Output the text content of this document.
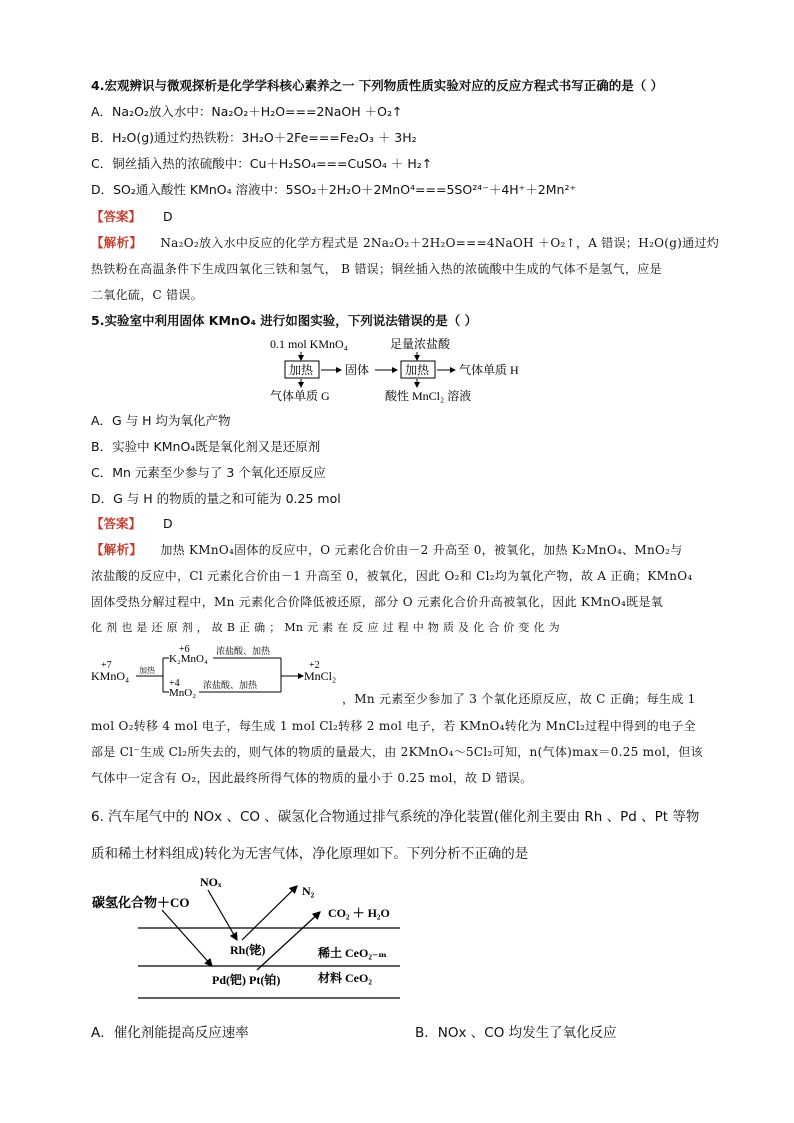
4.宏观辨识与微观探析是化学学科核心素养之一 下列物质性质实验对应的反应方程式书写正确的是（ ）
A．Na₂O₂放入水中：Na₂O₂＋H₂O===2NaOH ＋O₂↑
B．H₂O(g)通过灼热铁粉：3H₂O＋2Fe===Fe₂O₃ ＋ 3H₂
C．铜丝插入热的浓硫酸中：Cu＋H₂SO₄===CuSO₄ ＋ H₂↑
D．SO₂通入酸性 KMnO₄ 溶液中：5SO₂＋2H₂O＋2MnO⁴===5SO²⁴⁻＋4H⁺＋2Mn²⁺
【答案】 D
【解析】 Na₂O₂放入水中反应的化学方程式是 2Na₂O₂＋2H₂O===4NaOH ＋O₂↑，A 错误；H₂O(g)通过灼
热铁粉在高温条件下生成四氧化三铁和氢气， B 错误；铜丝插入热的浓硫酸中生成的气体不是氢气，应是
二氧化硫，C 错误。
5.实验室中利用固体 KMnO₄ 进行如图实验，下列说法错误的是（ ）
0.1 mol KMnO₄	足量浓盐酸
加热	固体	加热 气体单质 H
气体单质 G	酸性 MnCl₂ 溶液
A．G 与 H 均为氧化产物
B．实验中 KMnO₄既是氧化剂又是还原剂
C．Mn 元素至少参与了 3 个氧化还原反应
D．G 与 H 的物质的量之和可能为 0.25 mol
【答案】 D
【解析】 加热 KMnO₄固体的反应中，O 元素化合价由－2 升高至 0，被氧化，加热 K₂MnO₄、MnO₂与
浓盐酸的反应中，Cl 元素化合价由－1 升高至 0，被氧化，因此 O₂和 Cl₂均为氧化产物，故 A 正确；KMnO₄
固体受热分解过程中，Mn 元素化合价降低被还原，部分 O 元素化合价升高被氧化，因此 KMnO₄既是氧
化 剂 也 是 还 原 剂 ， 故 B 正 确 ； Mn 元 素 在 反 应 过 程 中 物 质 及 化 合 价 变 化 为
+7
KMnO₄ 加热
+6
K₂MnO₄
+4
MnO₂
浓盐酸、加热
浓盐酸、加热
+2
MnCl₂
，Mn 元素至少参加了 3 个氧化还原反应，故 C 正确；每生成 1
mol O₂转移 4 mol 电子，每生成 1 mol Cl₂转移 2 mol 电子，若 KMnO₄转化为 MnCl₂过程中得到的电子全
部是 Cl⁻生成 Cl₂所失去的，则气体的物质的量最大，由 2KMnO₄～5Cl₂可知，n(气体)max＝0.25 mol，但该
气体中一定含有 O₂，因此最终所得气体的物质的量小于 0.25 mol，故 D 错误。
6. 汽车尾气中的 NOx 、CO 、碳氢化合物通过排气系统的净化装置(催化剂主要由 Rh 、Pd 、Pt 等物
质和稀土材料组成)转化为无害气体，净化原理如下。下列分析不正确的是
碳氢化合物＋CO
NOₓ
N₂
CO₂ ＋ H₂O
Rh(铑)	稀土 CeO₂₋ₘ
材料 CeO₂
Pd(钯) Pt(铂)
A．催化剂能提高反应速率	B．NOx 、CO 均发生了氧化反应
